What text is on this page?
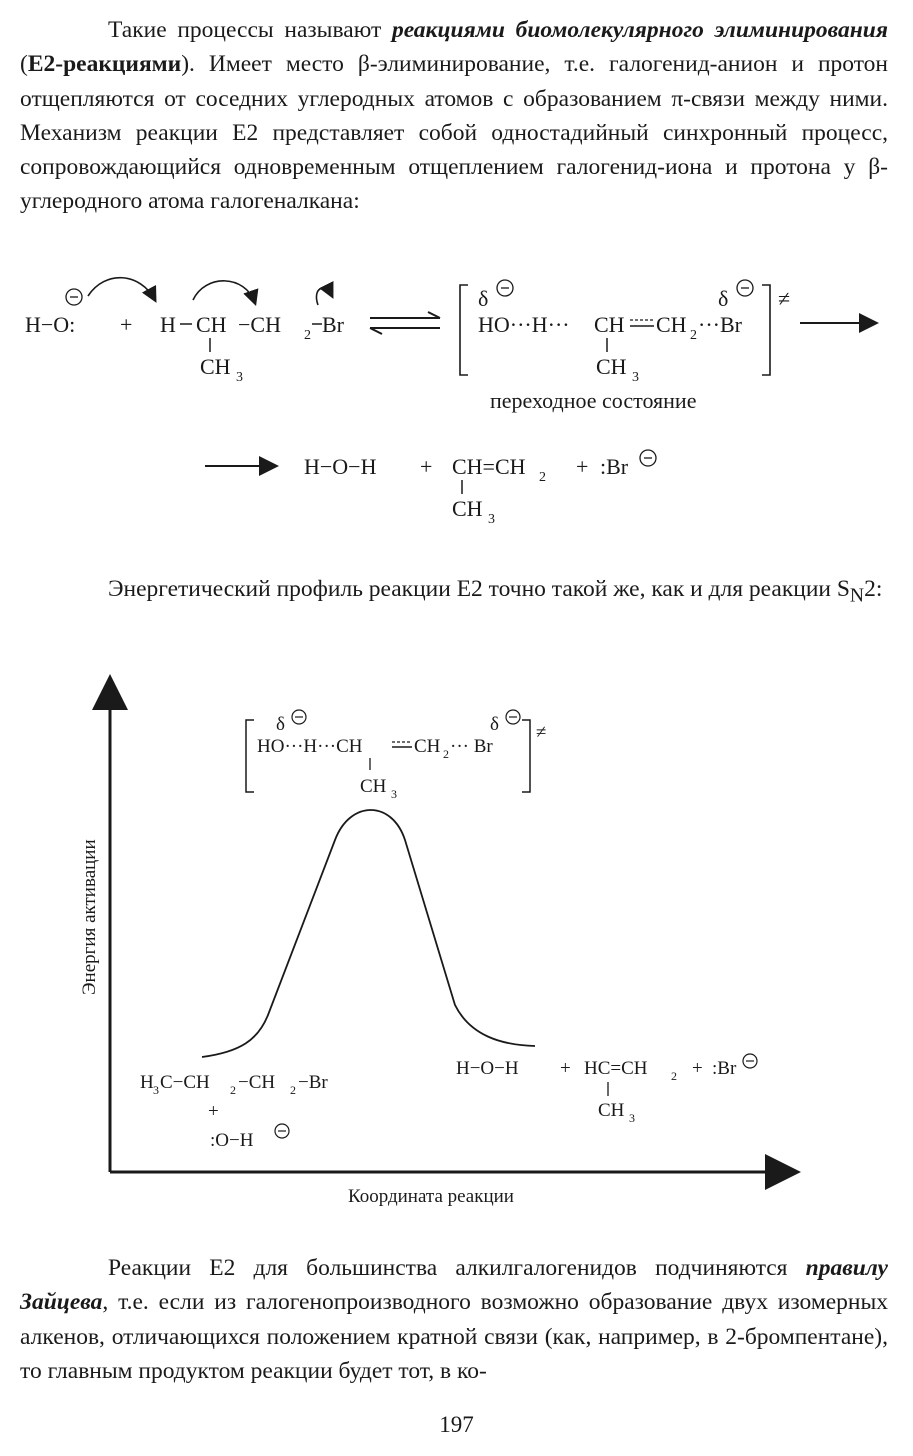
Такие процессы называют реакциями биомолекулярного элиминирования (Е2-реакциями). Имеет место β-элиминирование, т.е. галогенид-анион и протон отщепляются от соседних углеродных атомов с образованием π-связи между ними. Механизм реакции Е2 представляет собой одностадийный синхронный процесс, сопровождающийся одновременным отщеплением галогенид-иона и протона у β-углеродного атома галогеналкана:

H−O: + H CH −CH 2 Br
CH 3
δ	δ
HO···H··· CH CH 2 ···Br
CH 3
≠
переходное состояние
H−O−H + CH=CH 2
CH 3
+ :Br

Энергетический профиль реакции Е2 точно такой же, как и для реакции $S_N2$:

Энергия активации
Координата реакции
δ	δ ≠
HO···H···CH	CH 2 ··· Br
CH 3
H 3 C−CH 2 −CH 2 −Br
+
:O−H
H−O−H + HC=CH 2
CH 3
+ :Br

Реакции Е2 для большинства алкилгалогенидов подчиняются правилу Зайцева, т.е. если из галогенопроизводного возможно образование двух изомерных алкенов, отличающихся положением кратной связи (как, например, в 2-бромпентане), то главным продуктом реакции будет тот, в ко-

197
